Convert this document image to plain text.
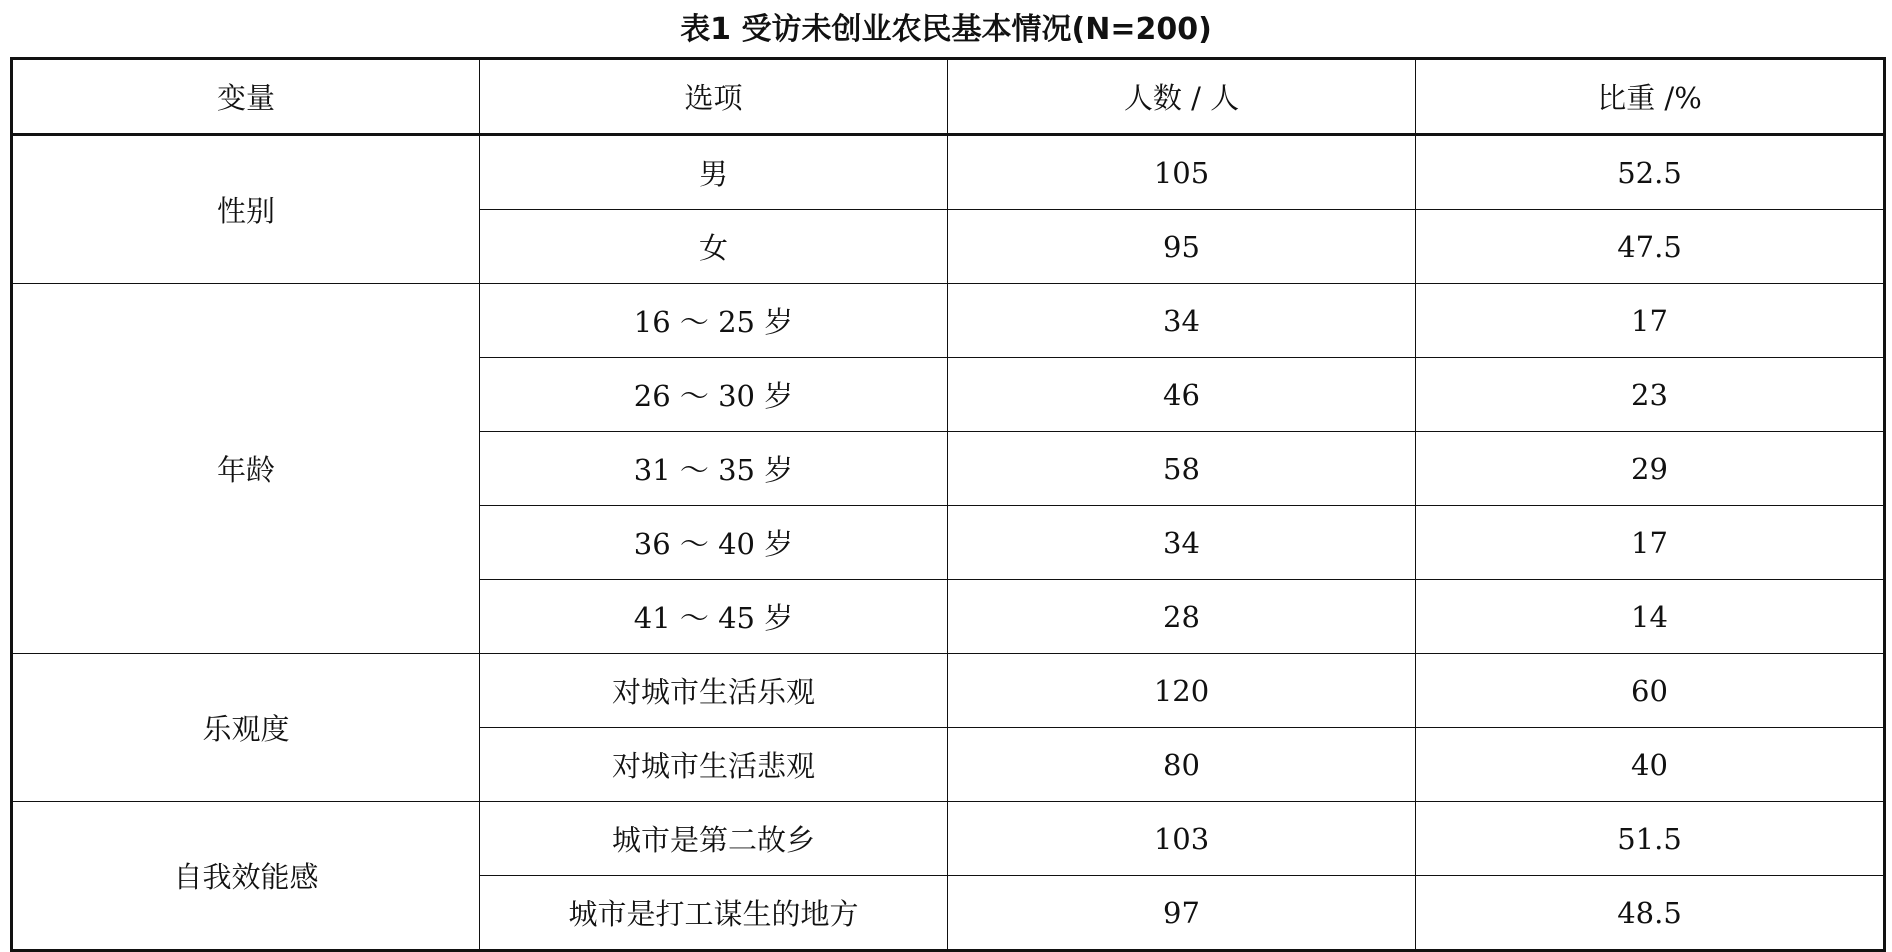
表1 受访未创业农民基本情况(N=200)
变量	选项	人数 / 人	比重 /%
性别	男	105	52.5
	女	95	47.5
年龄	16 ～ 25 岁	34	17
	26 ～ 30 岁	46	23
	31 ～ 35 岁	58	29
	36 ～ 40 岁	34	17
	41 ～ 45 岁	28	14
乐观度	对城市生活乐观	120	60
	对城市生活悲观	80	40
自我效能感	城市是第二故乡	103	51.5
	城市是打工谋生的地方	97	48.5
